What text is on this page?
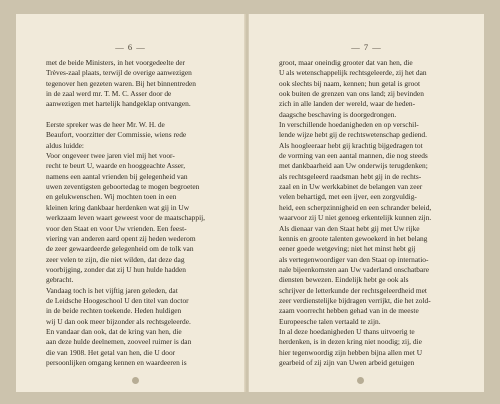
— 6 —
met de beide Ministers, in het voorgedeelte der
Trèves-zaal plaats, terwijl de overige aanwezigen
tegenover hen gezeten waren. Bij het binnentreden
in de zaal werd mr. T. M. C. Asser door de
aanwezigen met hartelijk handgeklap ontvangen.
Eerste spreker was de heer Mr. W. H. de
Beaufort, voorzitter der Commissie, wiens rede
aldus luidde:
Voor ongeveer twee jaren viel mij het voor-
recht te beurt U, waarde en hooggeachte Asser,
namens een aantal vrienden bij gelegenheid van
uwen zeventigsten geboortedag te mogen begroeten
en gelukwenschen. Wij mochten toen in een
kleinen kring dankbaar herdenken wat gij in Uw
werkzaam leven waart geweest voor de maatschappij,
voor den Staat en voor Uw vrienden. Een feest-
viering van anderen aard opent zij heden wederom
de zeer gewaardeerde gelegenheid om de tolk van
zeer velen te zijn, die niet wilden, dat deze dag
voorbijging, zonder dat zij U hun hulde hadden
gebracht.
Vandaag toch is het vijftig jaren geleden, dat
de Leidsche Hoogeschool U den titel van doctor
in de beide rechten toekende. Heden huldigen
wij U dan ook meer bijzonder als rechtsgeleerde.
En vandaar dan ook, dat de kring van hen, die
aan deze hulde deelnemen, zooveel ruimer is dan
die van 1908. Het getal van hen, die U door
persoonlijken omgang kennen en waardeeren is
— 7 —
groot, maar oneindig grooter dat van hen, die
U als wetenschappelijk rechtsgeleerde, zij het dan
ook slechts bij naam, kennen; hun getal is groot
ook buiten de grenzen van ons land; zij bevinden
zich in alle landen der wereld, waar de heden-
daagsche beschaving is doorgedrongen.
In verschillende hoedanigheden en op verschil-
lende wijze hebt gij de rechtswetenschap gediend.
Als hoogleeraar hebt gij krachtig bijgedragen tot
de vorming van een aantal mannen, die nog steeds
met dankbaarheid aan Uw onderwijs terugdenken;
als rechtsgeleerd raadsman hebt gij in de rechts-
zaal en in Uw werkkabinet de belangen van zeer
velen behartigd, met een ijver, een zorgvuldig-
heid, een scherpzinnigheid en een schrander beleid,
waarvoor zij U niet genoeg erkentelijk kunnen zijn.
Als dienaar van den Staat hebt gij met Uw rijke
kennis en groote talenten gewoekerd in het belang
eener goede wetgeving; niet het minst hebt gij
als vertegenwoordiger van den Staat op internatio-
nale bijeenkomsten aan Uw vaderland onschatbare
diensten bewezen. Eindelijk hebt ge ook als
schrijver de letterkunde der rechtsgeleerdheid met
zeer verdienstelijke bijdragen verrijkt, die het zold-
zaam voorrecht hebben gehad van in de meeste
Europeesche talen vertaald te zijn.
In al deze hoedanigheden U thans uitvoerig te
herdenken, is in dezen kring niet noodig; zij, die
hier tegenwoordig zijn hebben bijna allen met U
gearbeid of zij zijn van Uwen arbeid getuigen
